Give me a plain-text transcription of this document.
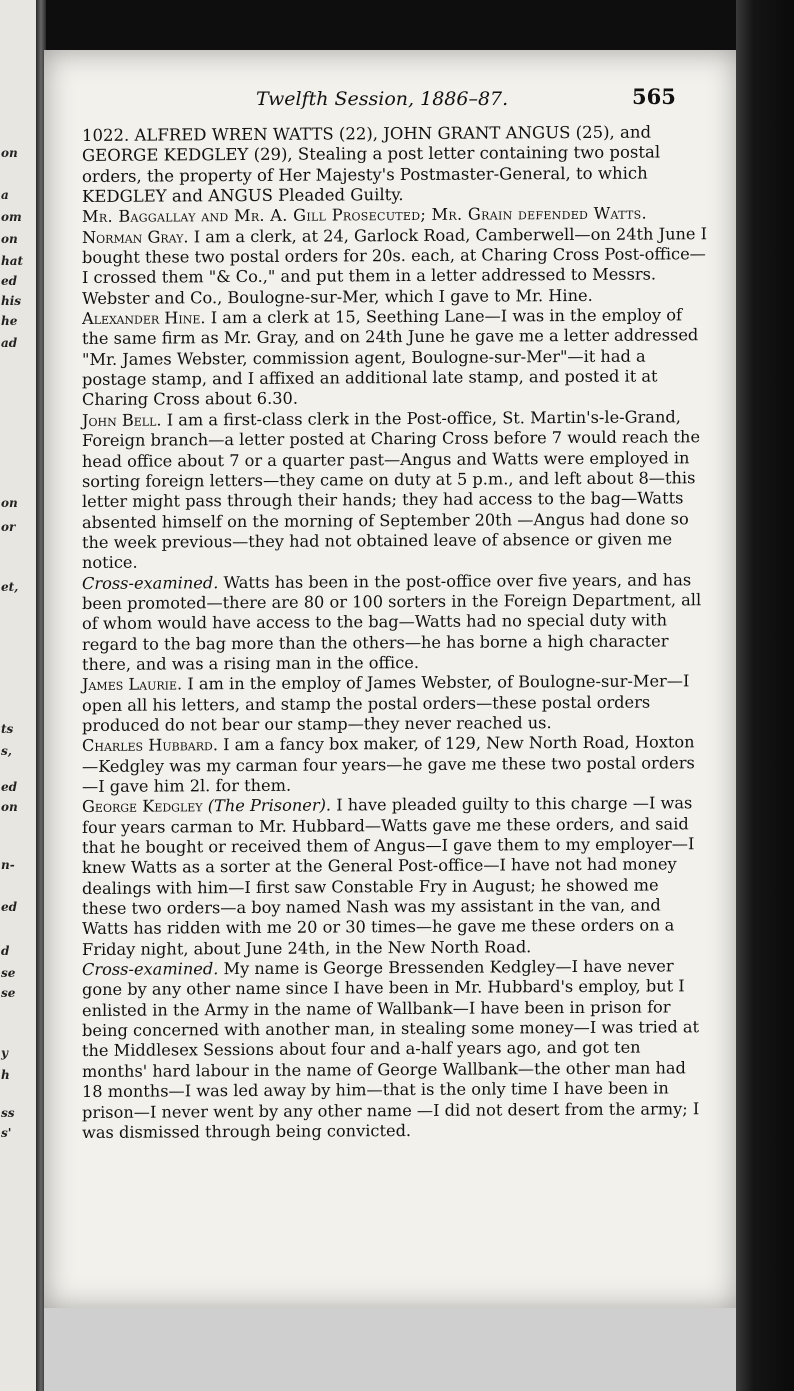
on
a
om
on
hat
ed
his
he
ad
on
or
et,
ts
s,
ed
on
n-
ed
d
se
se
y
h
ss
s'
Twelfth Session, 1886–87.	565

1022. ALFRED WREN WATTS (22), JOHN GRANT ANGUS (25), and GEORGE KEDGLEY (29), Stealing a post letter containing two postal orders, the property of Her Majesty's Postmaster-General, to which KEDGLEY and ANGUS Pleaded Guilty.

Mr. Baggallay and Mr. A. Gill Prosecuted; Mr. Grain defended Watts.

Norman Gray. I am a clerk, at 24, Garlock Road, Camberwell—on 24th June I bought these two postal orders for 20s. each, at Charing Cross Post-office—I crossed them "& Co.," and put them in a letter addressed to Messrs. Webster and Co., Boulogne-sur-Mer, which I gave to Mr. Hine.

Alexander Hine. I am a clerk at 15, Seething Lane—I was in the employ of the same firm as Mr. Gray, and on 24th June he gave me a letter addressed "Mr. James Webster, commission agent, Boulogne-sur-Mer"—it had a postage stamp, and I affixed an additional late stamp, and posted it at Charing Cross about 6.30.

John Bell. I am a first-class clerk in the Post-office, St. Martin's-le-Grand, Foreign branch—a letter posted at Charing Cross before 7 would reach the head office about 7 or a quarter past—Angus and Watts were employed in sorting foreign letters—they came on duty at 5 p.m., and left about 8—this letter might pass through their hands; they had access to the bag—Watts absented himself on the morning of September 20th —Angus had done so the week previous—they had not obtained leave of absence or given me notice.

Cross-examined. Watts has been in the post-office over five years, and has been promoted—there are 80 or 100 sorters in the Foreign Department, all of whom would have access to the bag—Watts had no special duty with regard to the bag more than the others—he has borne a high character there, and was a rising man in the office.

James Laurie. I am in the employ of James Webster, of Boulogne-sur-Mer—I open all his letters, and stamp the postal orders—these postal orders produced do not bear our stamp—they never reached us.

Charles Hubbard. I am a fancy box maker, of 129, New North Road, Hoxton—Kedgley was my carman four years—he gave me these two postal orders—I gave him 2l. for them.

George Kedgley (The Prisoner). I have pleaded guilty to this charge —I was four years carman to Mr. Hubbard—Watts gave me these orders, and said that he bought or received them of Angus—I gave them to my employer—I knew Watts as a sorter at the General Post-office—I have not had money dealings with him—I first saw Constable Fry in August; he showed me these two orders—a boy named Nash was my assistant in the van, and Watts has ridden with me 20 or 30 times—he gave me these orders on a Friday night, about June 24th, in the New North Road.

Cross-examined. My name is George Bressenden Kedgley—I have never gone by any other name since I have been in Mr. Hubbard's employ, but I enlisted in the Army in the name of Wallbank—I have been in prison for being concerned with another man, in stealing some money—I was tried at the Middlesex Sessions about four and a-half years ago, and got ten months' hard labour in the name of George Wallbank—the other man had 18 months—I was led away by him—that is the only time I have been in prison—I never went by any other name —I did not desert from the army; I was dismissed through being convicted.
